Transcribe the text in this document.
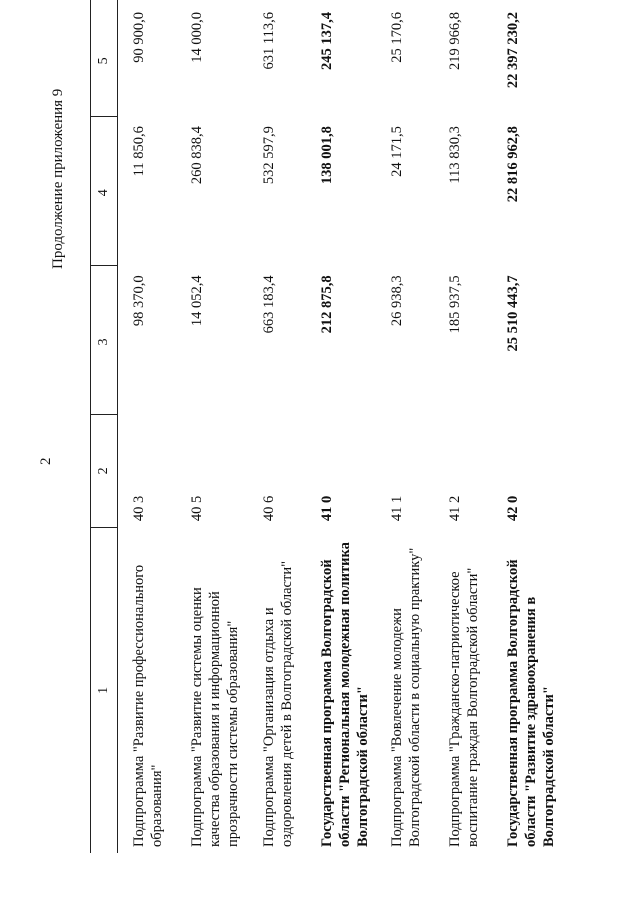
2
Продолжение приложения 9
1	2	3	4	5
Подпрограмма "Развитие профессионального образования"	40 3	98 370,0	11 850,6	90 900,0
Подпрограмма "Развитие системы оценки качества образования и информационной прозрачности системы образования"	40 5	14 052,4	260 838,4	14 000,0
Подпрограмма "Организация отдыха и оздоровления детей в Волгоградской области"	40 6	663 183,4	532 597,9	631 113,6
Государственная программа Волгоградской области "Региональная молодежная политика Волгоградской области"	41 0	212 875,8	138 001,8	245 137,4
Подпрограмма "Вовлечение молодежи Волгоградской области в социальную практику"	41 1	26 938,3	24 171,5	25 170,6
Подпрограмма "Гражданско-патриотическое воспитание граждан Волгоградской области"	41 2	185 937,5	113 830,3	219 966,8
Государственная программа Волгоградской области "Развитие здравоохранения в Волгоградской области"	42 0	25 510 443,7	22 816 962,8	22 397 230,2
